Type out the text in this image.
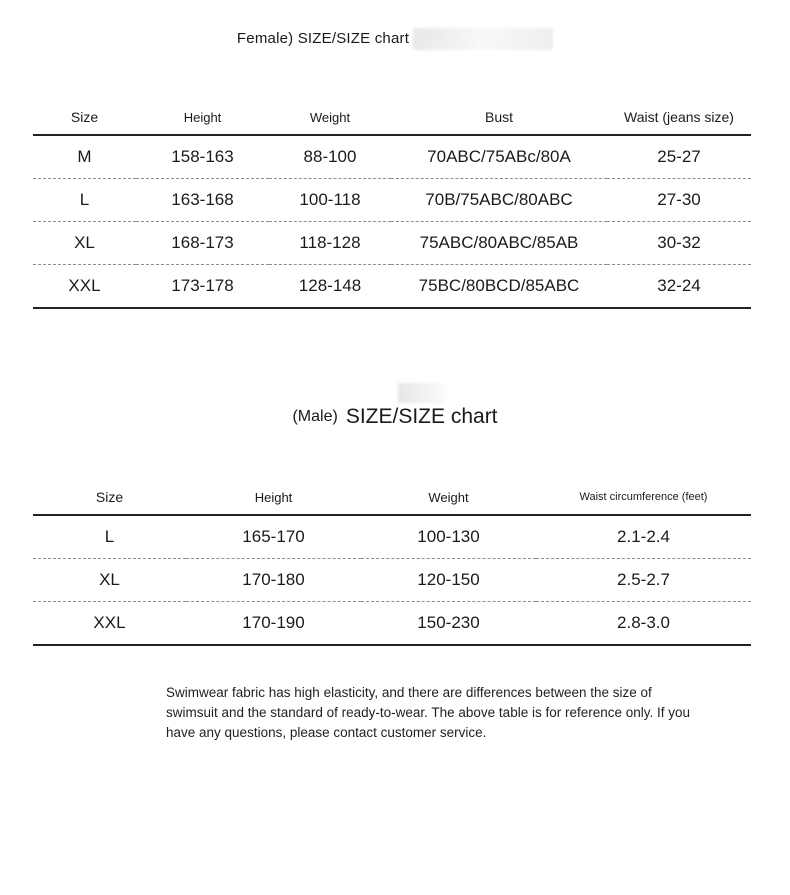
Female) SIZE/SIZE chart
Size	Height	Weight	Bust	Waist (jeans size)
M	158-163	88-100	70ABC/75ABc/80A	25-27
L	163-168	100-118	70B/75ABC/80ABC	27-30
XL	168-173	118-128	75ABC/80ABC/85AB	30-32
XXL	173-178	128-148	75BC/80BCD/85ABC	32-24
(Male) SIZE/SIZE chart
Size	Height	Weight	Waist circumference (feet)
L	165-170	100-130	2.1-2.4
XL	170-180	120-150	2.5-2.7
XXL	170-190	150-230	2.8-3.0
Swimwear fabric has high elasticity, and there are differences between the size of swimsuit and the standard of ready-to-wear. The above table is for reference only. If you have any questions, please contact customer service.
